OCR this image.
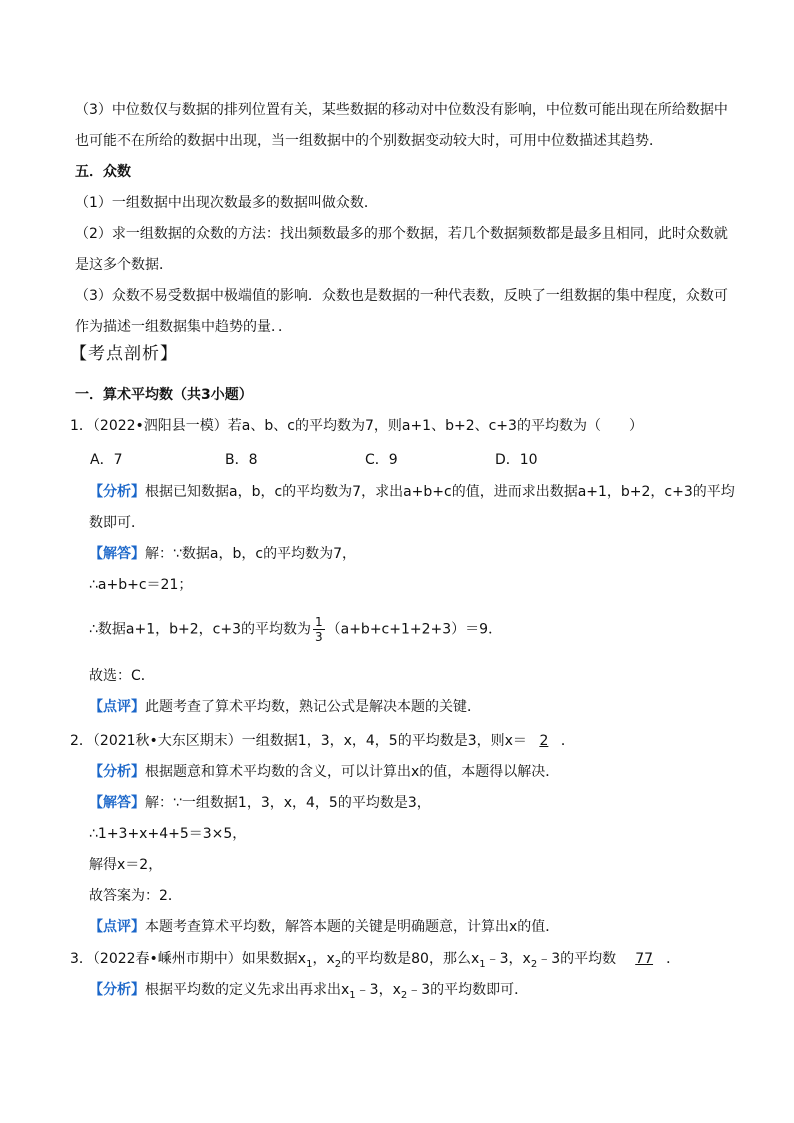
（3）中位数仅与数据的排列位置有关，某些数据的移动对中位数没有影响，中位数可能出现在所给数据中
也可能不在所给的数据中出现，当一组数据中的个别数据变动较大时，可用中位数描述其趋势．
五．众数
（1）一组数据中出现次数最多的数据叫做众数．
（2）求一组数据的众数的方法：找出频数最多的那个数据，若几个数据频数都是最多且相同，此时众数就
是这多个数据．
（3）众数不易受数据中极端值的影响．众数也是数据的一种代表数，反映了一组数据的集中程度，众数可
作为描述一组数据集中趋势的量．．
【考点剖析】
一．算术平均数（共3小题）
1．（2022•泗阳县一模）若a、b、c的平均数为7，则a+1、b+2、c+3的平均数为（　　）
A．7	B．8	C．9	D．10
【分析】根据已知数据a，b，c的平均数为7，求出a+b+c的值，进而求出数据a+1，b+2，c+3的平均
数即可．
【解答】解：∵数据a，b，c的平均数为7，
∴a+b+c＝21；
∴数据a+1，b+2，c+3的平均数为 $\frac{1}{3} (a+b+c+1+2+3)=9$．
故选：C．
【点评】此题考查了算术平均数，熟记公式是解决本题的关键．
2．（2021秋•大东区期末）一组数据1，3，x，4，5的平均数是3，则x＝ 2 ．
【分析】根据题意和算术平均数的含义，可以计算出x的值，本题得以解决．
【解答】解：∵一组数据1，3，x，4，5的平均数是3，
∴1+3+x+4+5＝3×5，
解得x＝2，
故答案为：2．
【点评】本题考查算术平均数，解答本题的关键是明确题意，计算出x的值．
3．（2022春•嵊州市期中）如果数据$x_1$，$x_2$的平均数是80，那么$x_1﹣3$，$x_2﹣3$的平均数 77 ．
【分析】根据平均数的定义先求出再求出$x_1﹣3$，$x_2﹣3$的平均数即可．
